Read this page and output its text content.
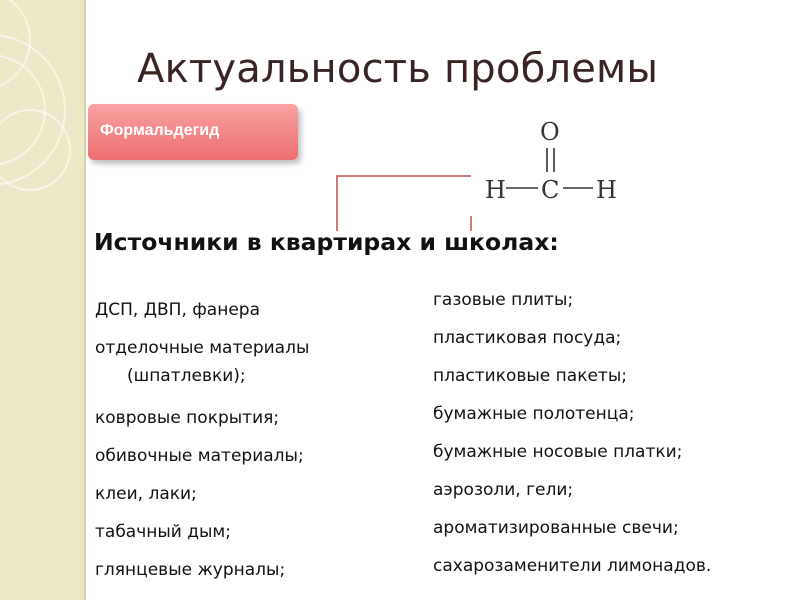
Актуальность проблемы
Формальдегид	O
H C H
Источники в квартирах и школах:
ДСП, ДВП, фанера
отделочные материалы
(шпатлевки);
ковровые покрытия;
обивочные материалы;
клеи, лаки;
табачный дым;
глянцевые журналы;
газовые плиты;
пластиковая посуда;
пластиковые пакеты;
бумажные полотенца;
бумажные носовые платки;
аэрозоли, гели;
ароматизированные свечи;
сахарозаменители лимонадов.
